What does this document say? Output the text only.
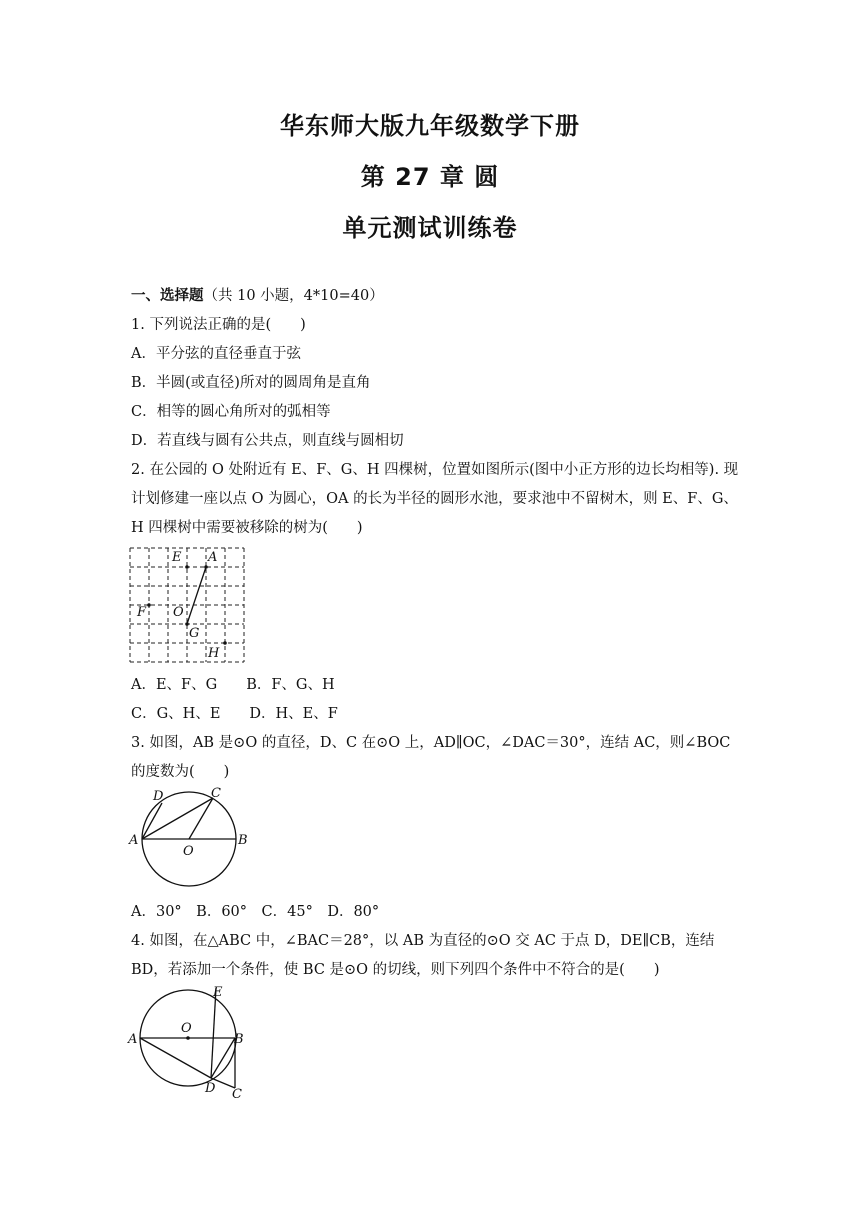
华东师大版九年级数学下册
第 27 章 圆
单元测试训练卷
一、选择题（共 10 小题，4*10=40）
1. 下列说法正确的是(　　)
A．平分弦的直径垂直于弦
B．半圆(或直径)所对的圆周角是直角
C．相等的圆心角所对的弧相等
D．若直线与圆有公共点，则直线与圆相切
2. 在公园的 O 处附近有 E、F、G、H 四棵树，位置如图所示(图中小正方形的边长均相等). 现
计划修建一座以点 O 为圆心，OA 的长为半径的圆形水池，要求池中不留树木，则 E、F、G、
H 四棵树中需要被移除的树为(　　)
E A
F O
G
H
A．E、F、G　　B．F、G、H
C．G、H、E　　D．H、E、F
3. 如图，AB 是⊙O 的直径，D、C 在⊙O 上，AD∥OC，∠DAC＝30°，连结 AC，则∠BOC
的度数为(　　)
D	C
A
O
B
A．30°　B．60°　C．45°　D．80°
4. 如图，在△ABC 中，∠BAC＝28°，以 AB 为直径的⊙O 交 AC 于点 D，DE∥CB，连结
BD，若添加一个条件，使 BC 是⊙O 的切线，则下列四个条件中不符合的是(　　)
E
O
A	B
D C
